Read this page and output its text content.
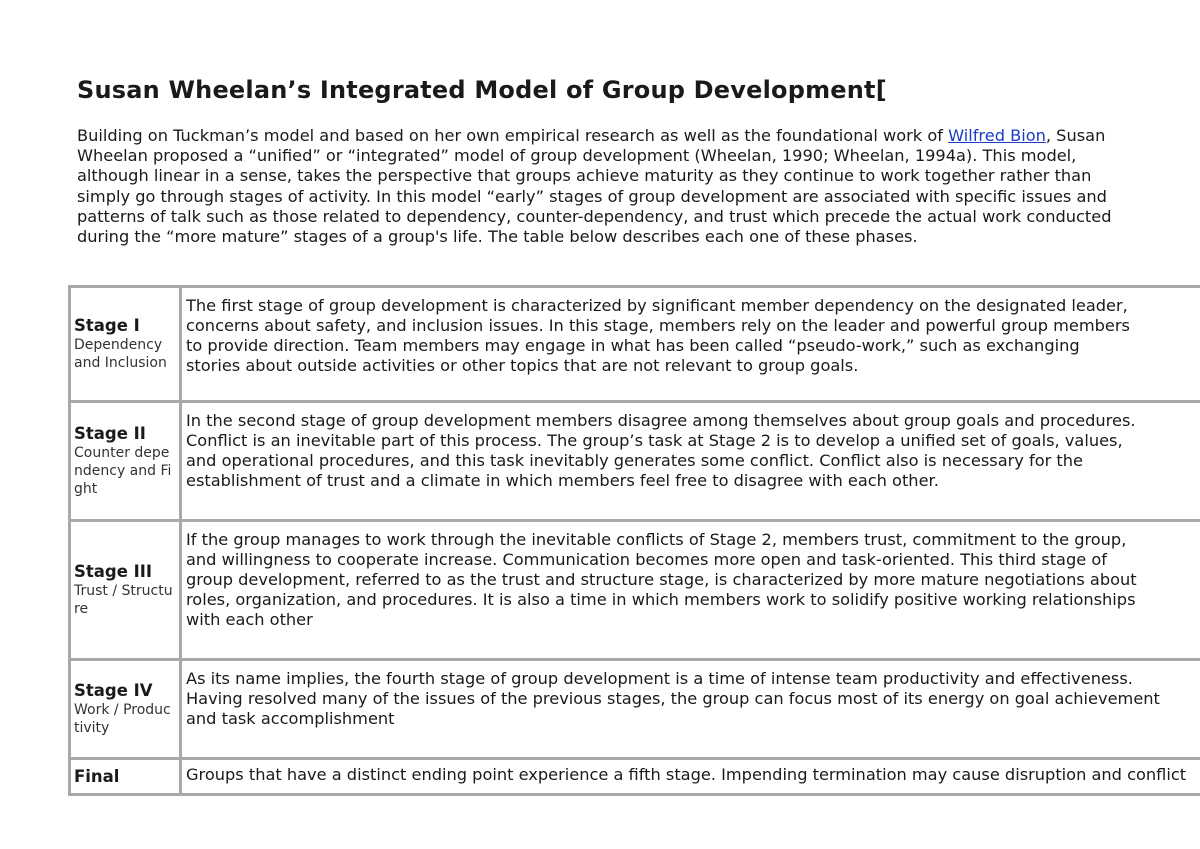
Susan Wheelan’s Integrated Model of Group Development[

Building on Tuckman’s model and based on her own empirical research as well as the foundational work of Wilfred Bion, Susan Wheelan proposed a “unified” or “integrated” model of group development (Wheelan, 1990; Wheelan, 1994a). This model, although linear in a sense, takes the perspective that groups achieve maturity as they continue to work together rather than simply go through stages of activity. In this model “early” stages of group development are associated with specific issues and patterns of talk such as those related to dependency, counter-dependency, and trust which precede the actual work conducted during the “more mature” stages of a group's life. The table below describes each one of these phases.

Stage I
Dependency and Inclusion	The first stage of group development is characterized by significant member dependency on the designated leader,
concerns about safety, and inclusion issues. In this stage, members rely on the leader and powerful group members
to provide direction. Team members may engage in what has been called “pseudo-work,” such as exchanging
stories about outside activities or other topics that are not relevant to group goals.

Stage II
Counter dependency and Fight	In the second stage of group development members disagree among themselves about group goals and procedures.
Conflict is an inevitable part of this process. The group’s task at Stage 2 is to develop a unified set of goals, values,
and operational procedures, and this task inevitably generates some conflict. Conflict also is necessary for the
establishment of trust and a climate in which members feel free to disagree with each other.

Stage III
Trust / Structure	If the group manages to work through the inevitable conflicts of Stage 2, members trust, commitment to the group,
and willingness to cooperate increase. Communication becomes more open and task-oriented. This third stage of
group development, referred to as the trust and structure stage, is characterized by more mature negotiations about
roles, organization, and procedures. It is also a time in which members work to solidify positive working relationships
with each other

Stage IV
Work / Productivity	As its name implies, the fourth stage of group development is a time of intense team productivity and effectiveness.
Having resolved many of the issues of the previous stages, the group can focus most of its energy on goal achievement
and task accomplishment

Final	Groups that have a distinct ending point experience a fifth stage. Impending termination may cause disruption and conflict
